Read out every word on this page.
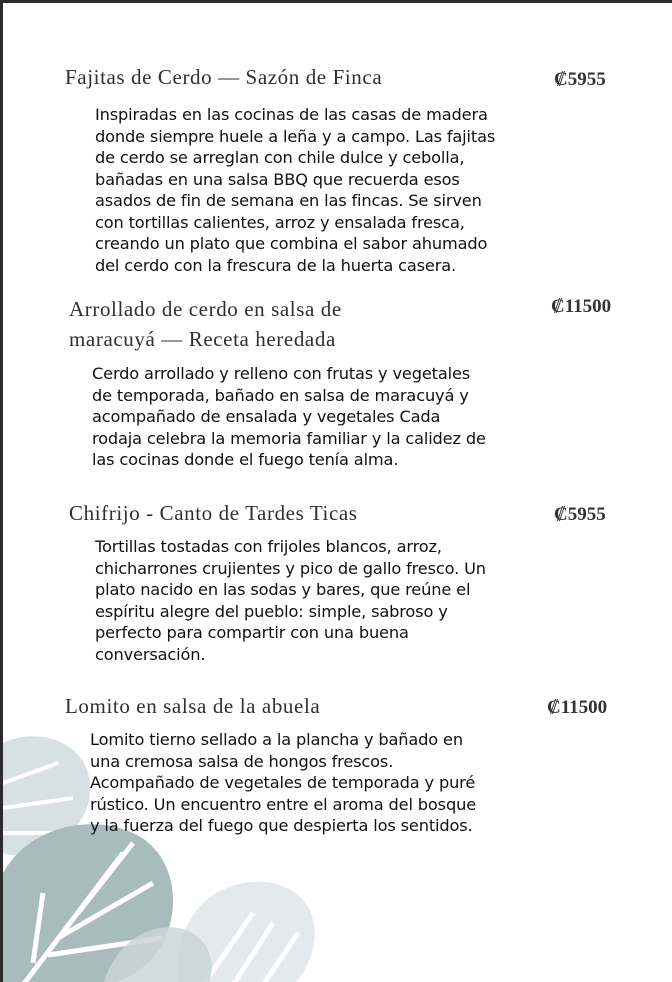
Fajitas de Cerdo — Sazón de Finca	₡5955
Inspiradas en las cocinas de las casas de madera
donde siempre huele a leña y a campo. Las fajitas
de cerdo se arreglan con chile dulce y cebolla,
bañadas en una salsa BBQ que recuerda esos
asados de fin de semana en las fincas. Se sirven
con tortillas calientes, arroz y ensalada fresca,
creando un plato que combina el sabor ahumado
del cerdo con la frescura de la huerta casera.
Arrollado de cerdo en salsa de
maracuyá — Receta heredada
₡11500
Cerdo arrollado y relleno con frutas y vegetales
de temporada, bañado en salsa de maracuyá y
acompañado de ensalada y vegetales Cada
rodaja celebra la memoria familiar y la calidez de
las cocinas donde el fuego tenía alma.
Chifrijo - Canto de Tardes Ticas	₡5955
Tortillas tostadas con frijoles blancos, arroz,
chicharrones crujientes y pico de gallo fresco. Un
plato nacido en las sodas y bares, que reúne el
espíritu alegre del pueblo: simple, sabroso y
perfecto para compartir con una buena
conversación.
Lomito en salsa de la abuela	₡11500
Lomito tierno sellado a la plancha y bañado en
una cremosa salsa de hongos frescos.
Acompañado de vegetales de temporada y puré
rústico. Un encuentro entre el aroma del bosque
y la fuerza del fuego que despierta los sentidos.
